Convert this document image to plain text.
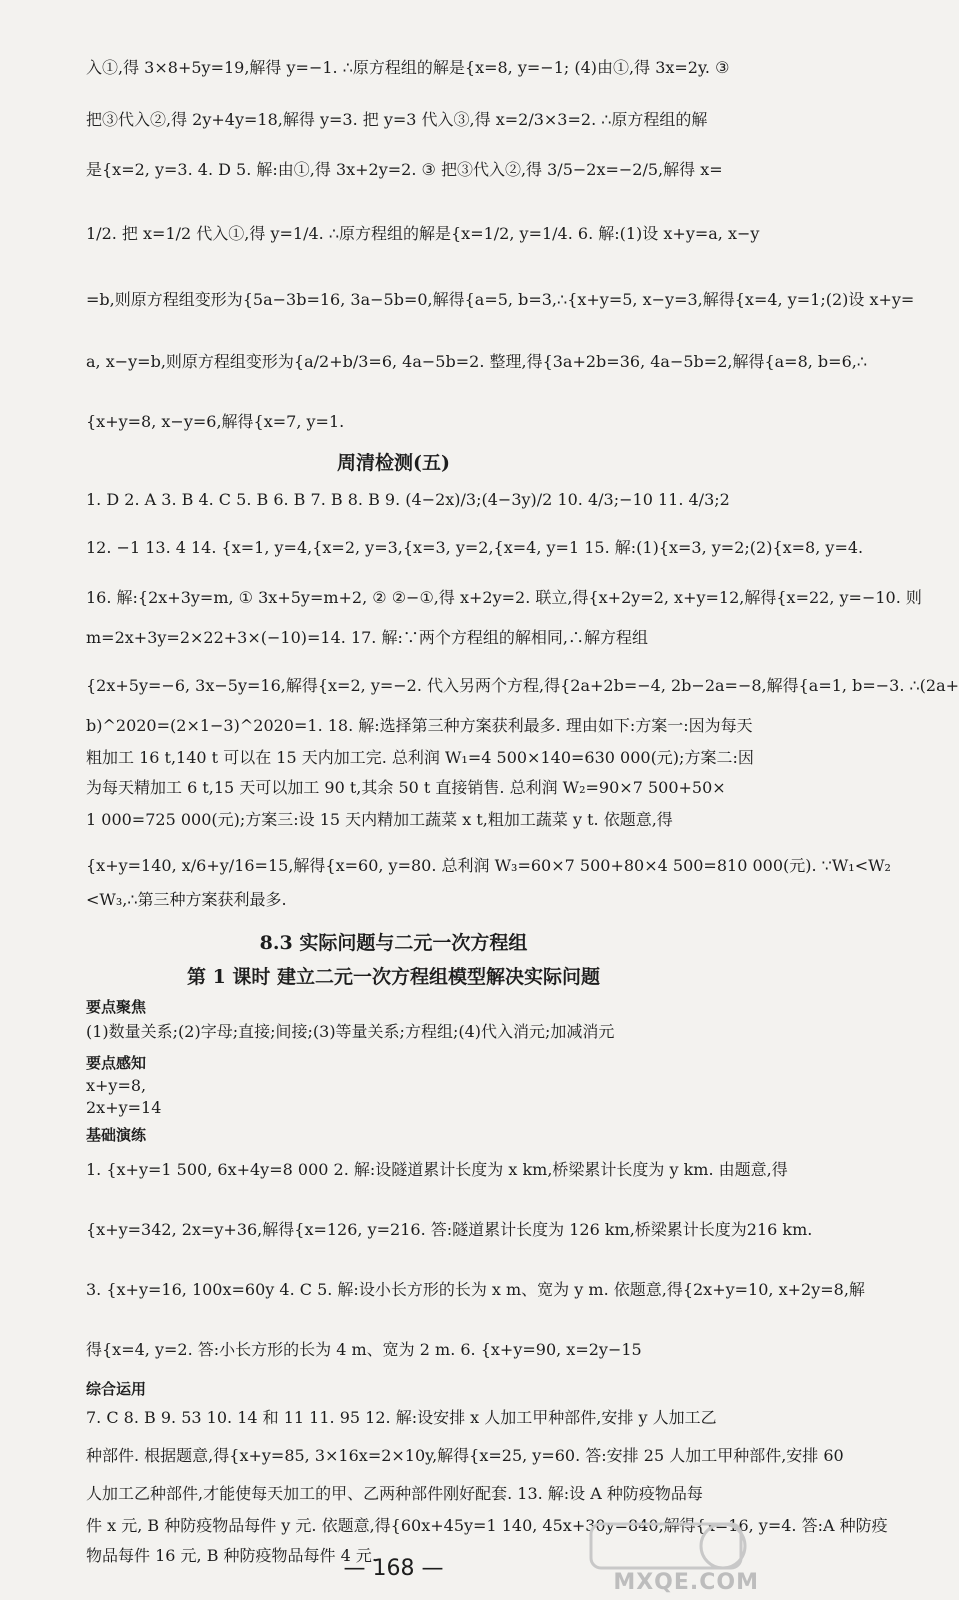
入①,得 3×8+5y=19,解得 y=−1. ∴原方程组的解是{x=8, y=−1; (4)由①,得 3x=2y. ③
把③代入②,得 2y+4y=18,解得 y=3. 把 y=3 代入③,得 x=2/3×3=2. ∴原方程组的解
是{x=2, y=3. 4. D 5. 解:由①,得 3x+2y=2. ③ 把③代入②,得 3/5−2x=−2/5,解得 x=
1/2. 把 x=1/2 代入①,得 y=1/4. ∴原方程组的解是{x=1/2, y=1/4. 6. 解:(1)设 x+y=a, x−y
=b,则原方程组变形为{5a−3b=16, 3a−5b=0,解得{a=5, b=3,∴{x+y=5, x−y=3,解得{x=4, y=1;(2)设 x+y=
a, x−y=b,则原方程组变形为{a/2+b/3=6, 4a−5b=2. 整理,得{3a+2b=36, 4a−5b=2,解得{a=8, b=6,∴
{x+y=8, x−y=6,解得{x=7, y=1.
周清检测(五)
1. D 2. A 3. B 4. C 5. B 6. B 7. B 8. B 9. (4−2x)/3;(4−3y)/2 10. 4/3;−10 11. 4/3;2
12. −1 13. 4 14. {x=1, y=4,{x=2, y=3,{x=3, y=2,{x=4, y=1 15. 解:(1){x=3, y=2;(2){x=8, y=4.
16. 解:{2x+3y=m, ① 3x+5y=m+2, ② ②−①,得 x+2y=2. 联立,得{x+2y=2, x+y=12,解得{x=22, y=−10. 则
m=2x+3y=2×22+3×(−10)=14. 17. 解:∵两个方程组的解相同,∴解方程组
{2x+5y=−6, 3x−5y=16,解得{x=2, y=−2. 代入另两个方程,得{2a+2b=−4, 2b−2a=−8,解得{a=1, b=−3. ∴(2a+
b)^2020=(2×1−3)^2020=1. 18. 解:选择第三种方案获利最多. 理由如下:方案一:因为每天
粗加工 16 t,140 t 可以在 15 天内加工完. 总利润 W₁=4 500×140=630 000(元);方案二:因
为每天精加工 6 t,15 天可以加工 90 t,其余 50 t 直接销售. 总利润 W₂=90×7 500+50×
1 000=725 000(元);方案三:设 15 天内精加工蔬菜 x t,粗加工蔬菜 y t. 依题意,得
{x+y=140, x/6+y/16=15,解得{x=60, y=80. 总利润 W₃=60×7 500+80×4 500=810 000(元). ∵W₁<W₂
<W₃,∴第三种方案获利最多.
8.3 实际问题与二元一次方程组
第 1 课时 建立二元一次方程组模型解决实际问题
要点聚焦
(1)数量关系;(2)字母;直接;间接;(3)等量关系;方程组;(4)代入消元;加减消元
要点感知
x+y=8,
2x+y=14
基础演练
1. {x+y=1 500, 6x+4y=8 000 2. 解:设隧道累计长度为 x km,桥梁累计长度为 y km. 由题意,得
{x+y=342, 2x=y+36,解得{x=126, y=216. 答:隧道累计长度为 126 km,桥梁累计长度为216 km.
3. {x+y=16, 100x=60y 4. C 5. 解:设小长方形的长为 x m、宽为 y m. 依题意,得{2x+y=10, x+2y=8,解
得{x=4, y=2. 答:小长方形的长为 4 m、宽为 2 m. 6. {x+y=90, x=2y−15
综合运用
7. C 8. B 9. 53 10. 14 和 11 11. 95 12. 解:设安排 x 人加工甲种部件,安排 y 人加工乙
种部件. 根据题意,得{x+y=85, 3×16x=2×10y,解得{x=25, y=60. 答:安排 25 人加工甲种部件,安排 60
人加工乙种部件,才能使每天加工的甲、乙两种部件刚好配套. 13. 解:设 A 种防疫物品每
件 x 元, B 种防疫物品每件 y 元. 依题意,得{60x+45y=1 140, 45x+30y=840,解得{x=16, y=4. 答:A 种防疫
物品每件 16 元, B 种防疫物品每件 4 元.
— 168 —
MXQE.COM
